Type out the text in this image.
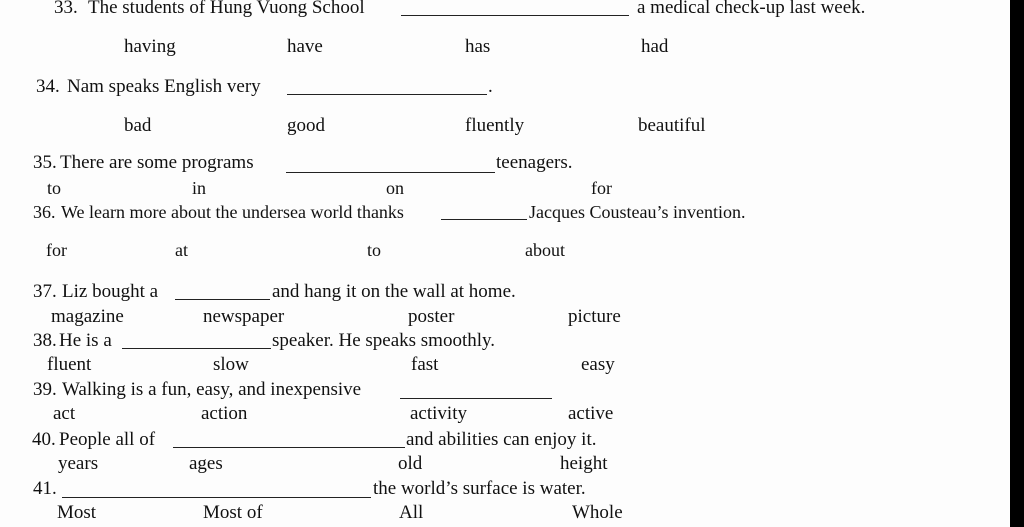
33. The students of Hung Vuong School	a medical check-up last week.
having	have	has	had
34. Nam speaks English very	.
bad	good	fluently	beautiful
35. There are some programs	teenagers.
to	in	on	for
36. We learn more about the undersea world thanks	Jacques Cousteau’s invention.
for	at	to	about
37. Liz bought a	and hang it on the wall at home.
magazine	newspaper	poster	picture
38. He is a	speaker. He speaks smoothly.
fluent	slow	fast	easy
39. Walking is a fun, easy, and inexpensive
act	action	activity	active
40. People all of	and abilities can enjoy it.
years	ages	old	height
41.	the world’s surface is water.
Most	Most of	All	Whole
